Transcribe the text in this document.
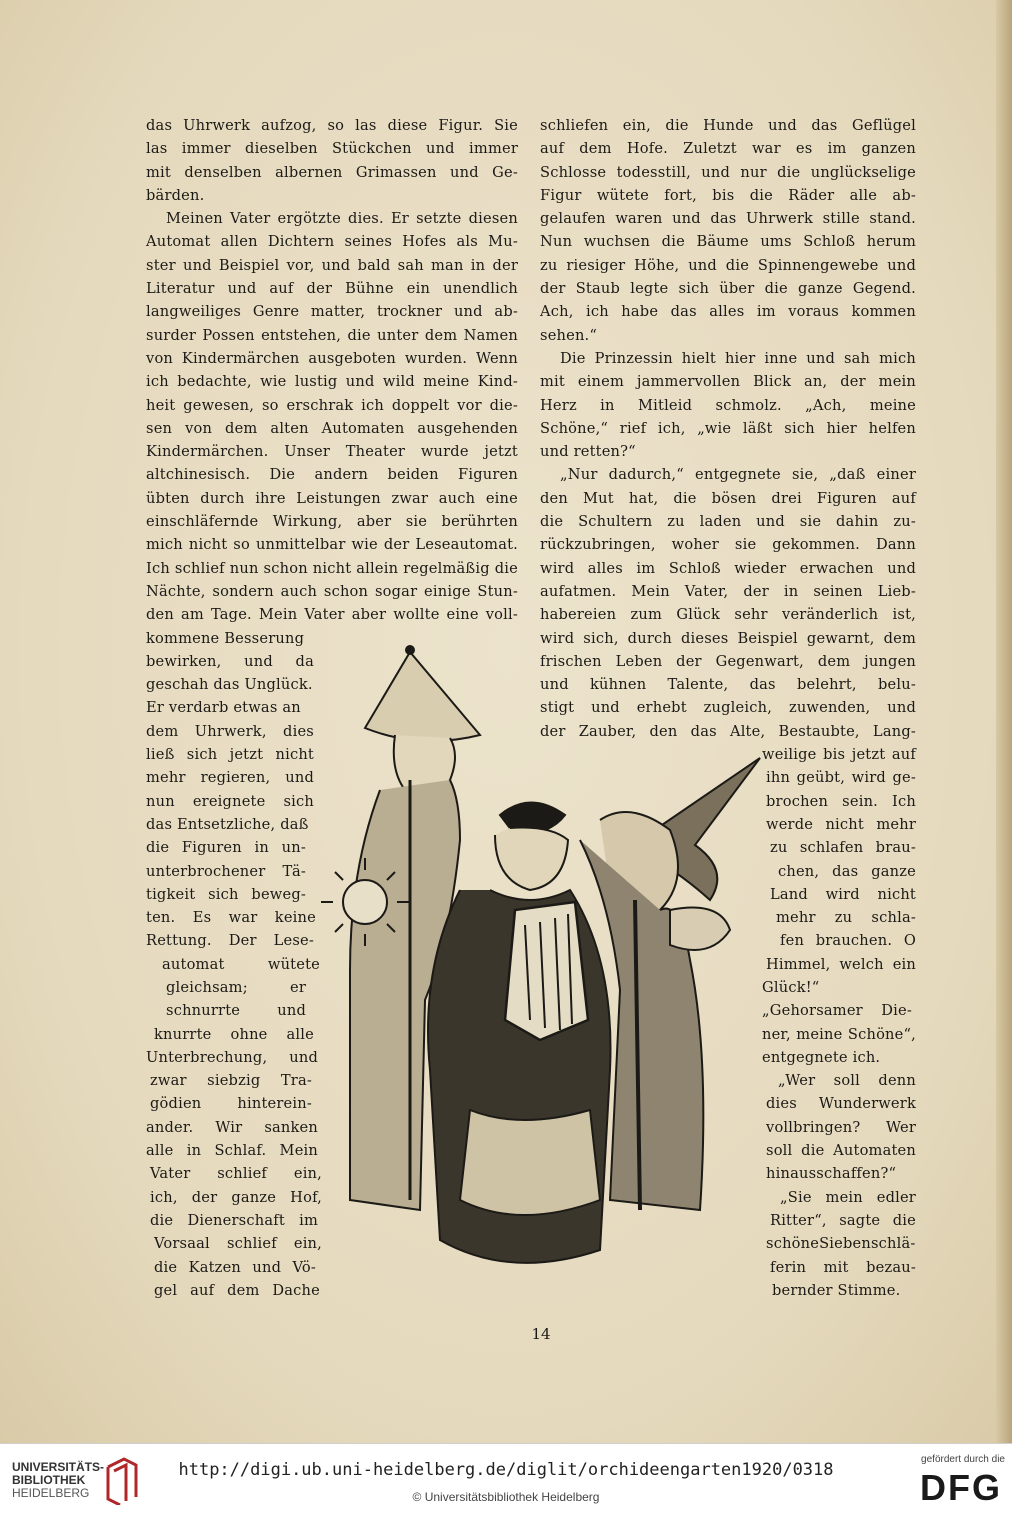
das Uhrwerk aufzog, so las diese Figur. Sie
las immer dieselben Stückchen und immer
mit denselben albernen Grimassen und Ge-
bärden.
Meinen Vater ergötzte dies. Er setzte diesen
Automat allen Dichtern seines Hofes als Mu-
ster und Beispiel vor, und bald sah man in der
Literatur und auf der Bühne ein unendlich
langweiliges Genre matter, trockner und ab-
surder Possen entstehen, die unter dem Namen
von Kindermärchen ausgeboten wurden. Wenn
ich bedachte, wie lustig und wild meine Kind-
heit gewesen, so erschrak ich doppelt vor die-
sen von dem alten Automaten ausgehenden
Kindermärchen. Unser Theater wurde jetzt
altchinesisch. Die andern beiden Figuren
übten durch ihre Leistungen zwar auch eine
einschläfernde Wirkung, aber sie berührten
mich nicht so unmittelbar wie der Leseautomat.
Ich schlief nun schon nicht allein regelmäßig die
Nächte, sondern auch schon sogar einige Stun-
den am Tage. Mein Vater aber wollte eine voll-
kommene Besserung
bewirken, und da
geschah das Unglück.
Er verdarb etwas an
dem Uhrwerk, dies
ließ sich jetzt nicht
mehr regieren, und
nun ereignete sich
das Entsetzliche, daß
die Figuren in un-
unterbrochener Tä-
tigkeit sich beweg-
ten. Es war keine
Rettung. Der Lese-
automat wütete
gleichsam; er
schnurrte und
knurrte ohne alle
Unterbrechung, und
zwar siebzig Tra-
gödien hinterein-
ander. Wir sanken
alle in Schlaf. Mein
Vater schlief ein,
ich, der ganze Hof,
die Dienerschaft im
Vorsaal schlief ein,
die Katzen und Vö-
gel auf dem Dache
schliefen ein, die Hunde und das Geflügel
auf dem Hofe. Zuletzt war es im ganzen
Schlosse todesstill, und nur die unglückselige
Figur wütete fort, bis die Räder alle ab-
gelaufen waren und das Uhrwerk stille stand.
Nun wuchsen die Bäume ums Schloß herum
zu riesiger Höhe, und die Spinnengewebe und
der Staub legte sich über die ganze Gegend.
Ach, ich habe das alles im voraus kommen
sehen.“
Die Prinzessin hielt hier inne und sah mich
mit einem jammervollen Blick an, der mein
Herz in Mitleid schmolz. „Ach, meine
Schöne,“ rief ich, „wie läßt sich hier helfen
und retten?“
„Nur dadurch,“ entgegnete sie, „daß einer
den Mut hat, die bösen drei Figuren auf
die Schultern zu laden und sie dahin zu-
rückzubringen, woher sie gekommen. Dann
wird alles im Schloß wieder erwachen und
aufatmen. Mein Vater, der in seinen Lieb-
habereien zum Glück sehr veränderlich ist,
wird sich, durch dieses Beispiel gewarnt, dem
frischen Leben der Gegenwart, dem jungen
und kühnen Talente, das belehrt, belu-
stigt und erhebt zugleich, zuwenden, und
der Zauber, den das Alte, Bestaubte, Lang-
weilige bis jetzt auf
ihn geübt, wird ge-
brochen sein. Ich
werde nicht mehr
zu schlafen brau-
chen, das ganze
Land wird nicht
mehr zu schla-
fen brauchen. O
Himmel, welch ein
Glück!“
„Gehorsamer Die-
ner, meine Schöne“,
entgegnete ich.
„Wer soll denn
dies Wunderwerk
vollbringen? Wer
soll die Automaten
hinausschaffen?“
„Sie mein edler
Ritter“, sagte die
schöneSiebenschlä-
ferin mit bezau-
bernder Stimme.
14
UNIVERSITÄTS-
BIBLIOTHEK
HEIDELBERG
http://digi.ub.uni-heidelberg.de/diglit/orchideengarten1920/0318
© Universitätsbibliothek Heidelberg
gefördert durch die
DFG
